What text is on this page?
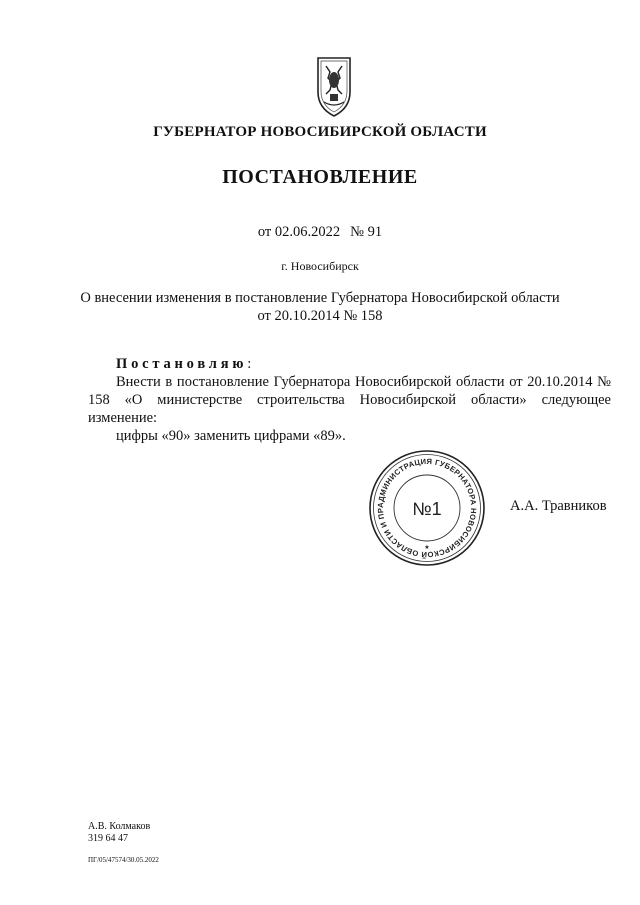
ГУБЕРНАТОР НОВОСИБИРСКОЙ ОБЛАСТИ
ПОСТАНОВЛЕНИЕ
от 02.06.2022 № 91
г. Новосибирск
О внесении изменения в постановление Губернатора Новосибирской области
от 20.10.2014 № 158

Постановляю:

Внести в постановление Губернатора Новосибирской области от 20.10.2014 № 158 «О министерстве строительства Новосибирской области» следующее изменение:

цифры «90» заменить цифрами «89».

АДМИНИСТРАЦИЯ ГУБЕРНАТОРА НОВОСИБИРСКОЙ ОБЛАСТИ И ПР	№1
★
А.А. Травников
А.В. Колмаков
319 64 47
ПГ/05/47574/30.05.2022
